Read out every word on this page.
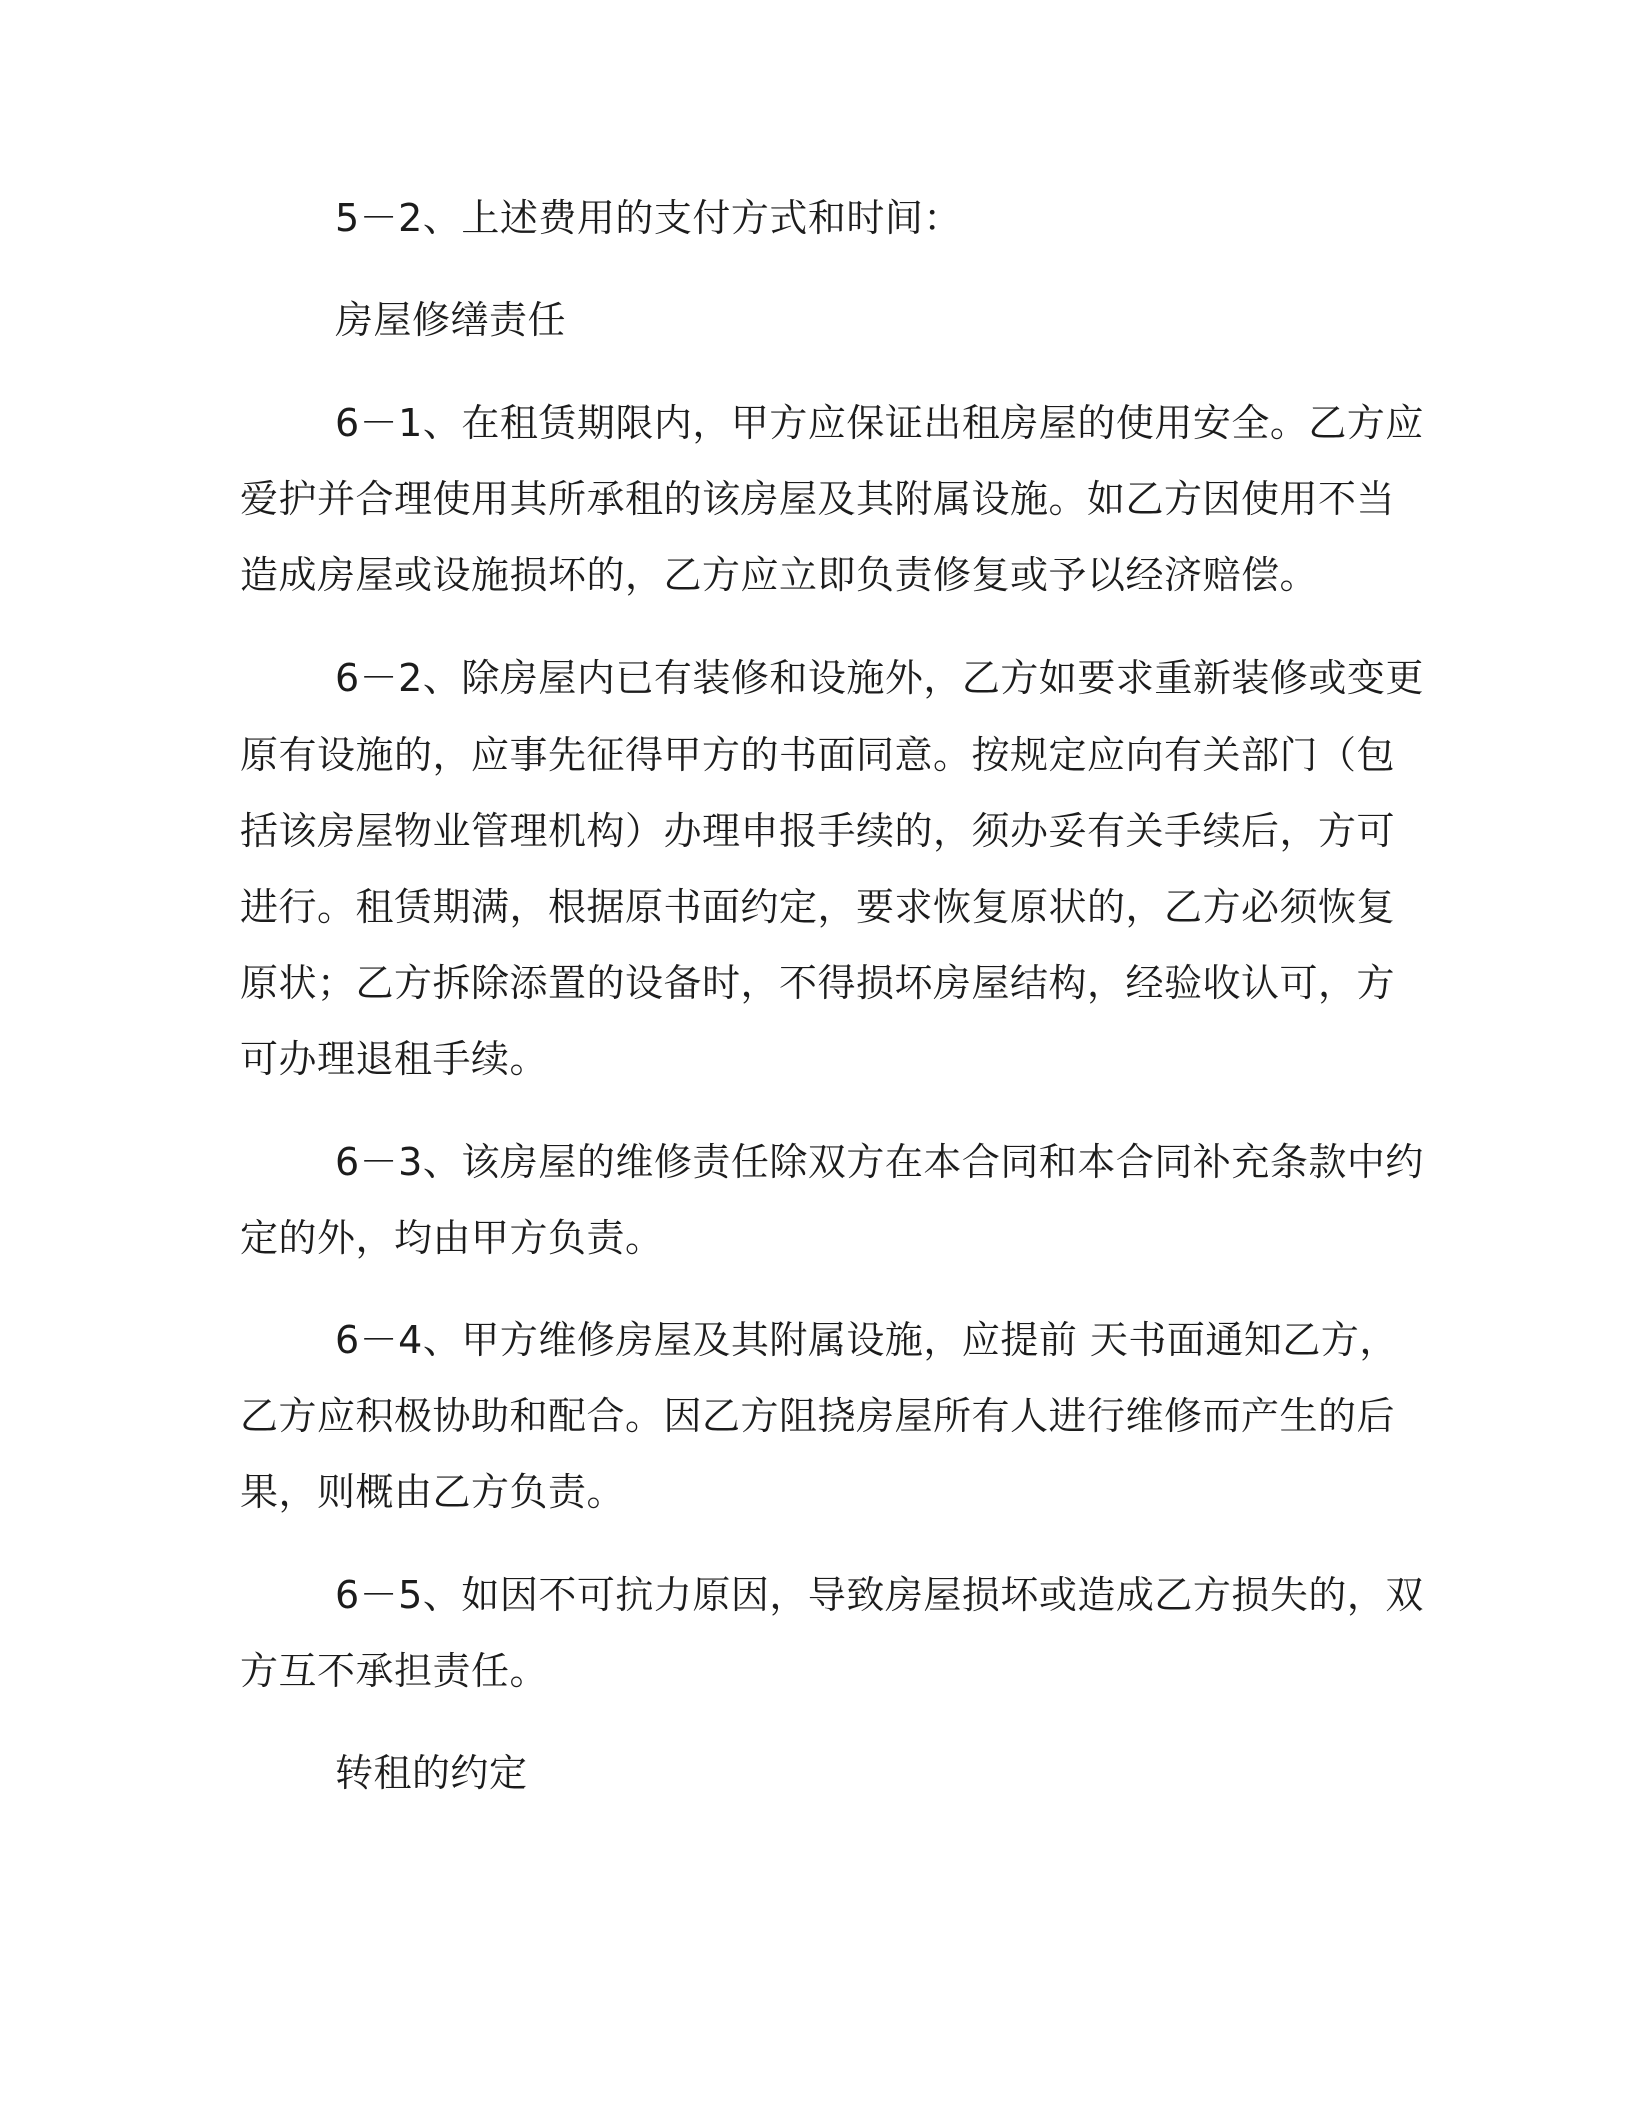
5－2、上述费用的支付方式和时间：
房屋修缮责任
6－1、在租赁期限内，甲方应保证出租房屋的使用安全。乙方应
爱护并合理使用其所承租的该房屋及其附属设施。如乙方因使用不当
造成房屋或设施损坏的，乙方应立即负责修复或予以经济赔偿。
6－2、除房屋内已有装修和设施外，乙方如要求重新装修或变更
原有设施的，应事先征得甲方的书面同意。按规定应向有关部门（包
括该房屋物业管理机构）办理申报手续的，须办妥有关手续后，方可
进行。租赁期满，根据原书面约定，要求恢复原状的，乙方必须恢复
原状；乙方拆除添置的设备时，不得损坏房屋结构，经验收认可，方
可办理退租手续。
6－3、该房屋的维修责任除双方在本合同和本合同补充条款中约
定的外，均由甲方负责。
6－4、甲方维修房屋及其附属设施，应提前 天书面通知乙方，
乙方应积极协助和配合。因乙方阻挠房屋所有人进行维修而产生的后
果，则概由乙方负责。
6－5、如因不可抗力原因，导致房屋损坏或造成乙方损失的，双
方互不承担责任。
转租的约定
